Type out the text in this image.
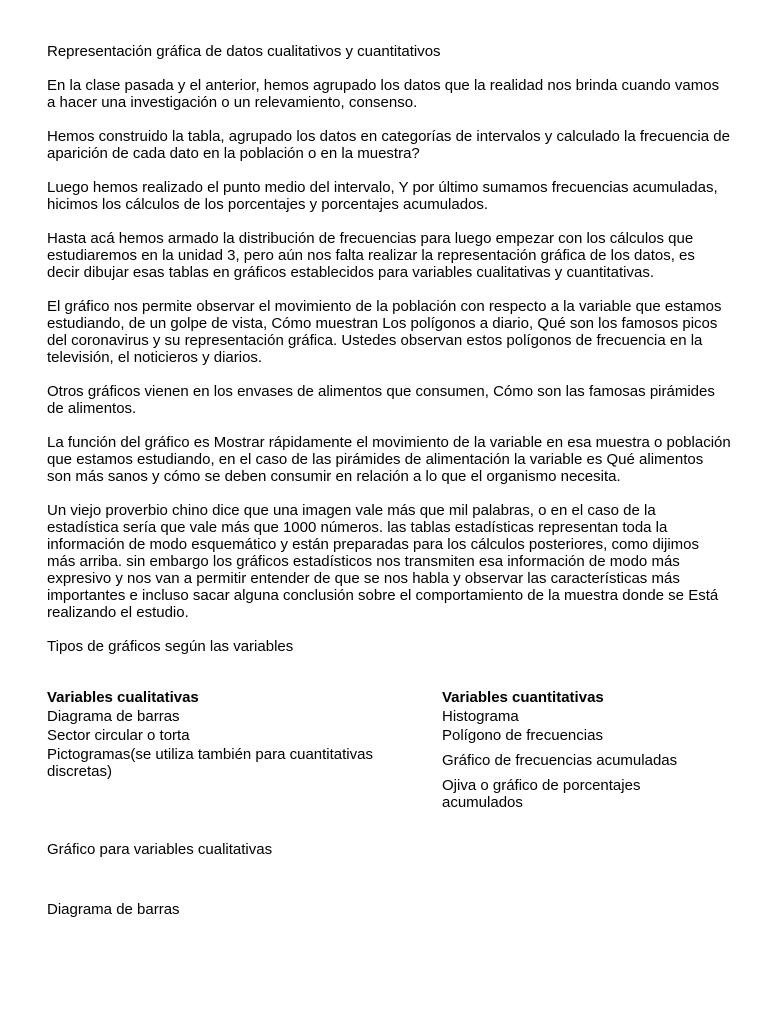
Representación gráfica de datos cualitativos y cuantitativos

En la clase pasada y el anterior, hemos agrupado los datos que la realidad nos brinda cuando vamos a hacer una investigación o un relevamiento, consenso.

Hemos construido la tabla, agrupado los datos en categorías de intervalos y calculado la frecuencia de aparición de cada dato en la población o en la muestra?

Luego hemos realizado el punto medio del intervalo, Y por último sumamos frecuencias acumuladas, hicimos los cálculos de los porcentajes y porcentajes acumulados.

Hasta acá hemos armado la distribución de frecuencias para luego empezar con los cálculos que estudiaremos en la unidad 3, pero aún nos falta realizar la representación gráfica de los datos, es decir dibujar esas tablas en gráficos establecidos para variables cualitativas y cuantitativas.

El gráfico nos permite observar el movimiento de la población con respecto a la variable que estamos estudiando, de un golpe de vista, Cómo muestran Los polígonos a diario, Qué son los famosos picos del coronavirus y su representación gráfica. Ustedes observan estos polígonos de frecuencia en la televisión, el noticieros y diarios.

Otros gráficos vienen en los envases de alimentos que consumen, Cómo son las famosas pirámides de alimentos.

La función del gráfico es Mostrar rápidamente el movimiento de la variable en esa muestra o población que estamos estudiando, en el caso de las pirámides de alimentación la variable es Qué alimentos son más sanos y cómo se deben consumir en relación a lo que el organismo necesita.

Un viejo proverbio chino dice que una imagen vale más que mil palabras, o en el caso de la estadística sería que vale más que 1000 números. las tablas estadísticas representan toda la información de modo esquemático y están preparadas para los cálculos posteriores, como dijimos más arriba. sin embargo los gráficos estadísticos nos transmiten esa información de modo más expresivo y nos van a permitir entender de que se nos habla y observar las características más importantes e incluso sacar alguna conclusión sobre el comportamiento de la muestra donde se Está realizando el estudio.

Tipos de gráficos según las variables

Variables cualitativas

Diagrama de barras

Sector circular o torta

Pictogramas(se utiliza también para cuantitativas discretas)

Variables cuantitativas

Histograma

Polígono de frecuencias

Gráfico de frecuencias acumuladas

Ojiva o gráfico de porcentajes acumulados

Gráfico para variables cualitativas

Diagrama de barras
